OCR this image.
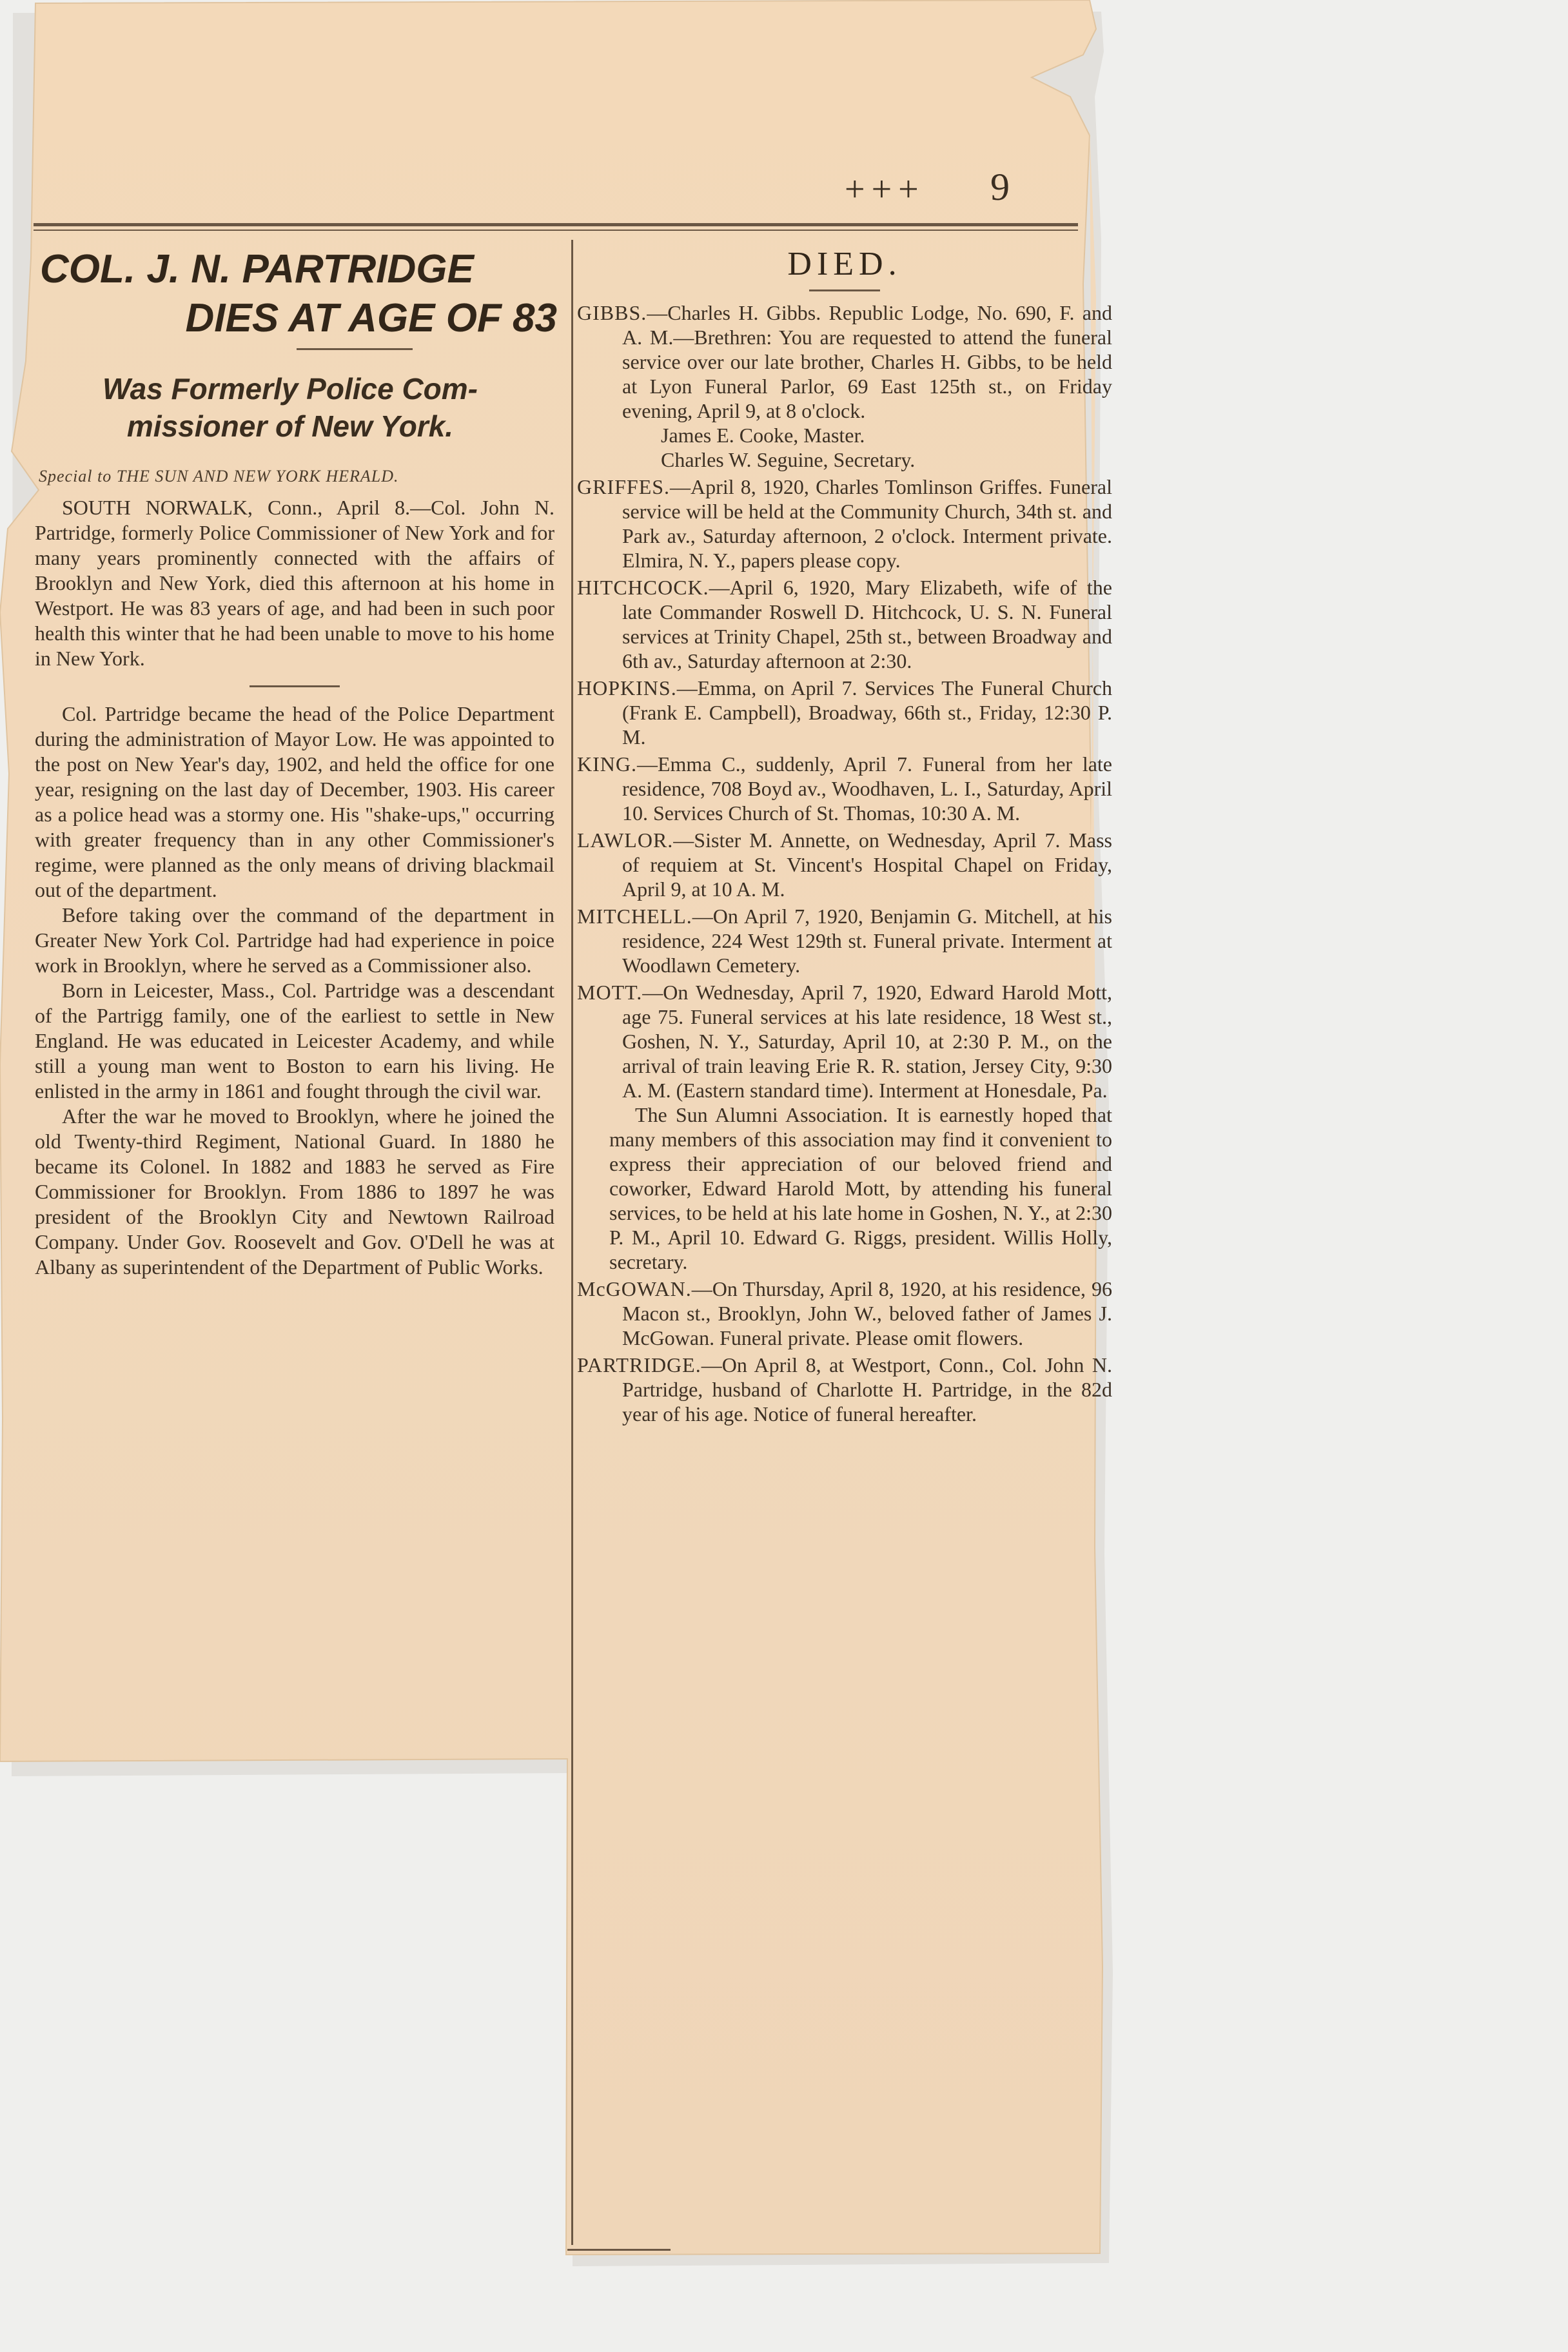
+++ 9
COL. J. N. PARTRIDGE
DIES AT AGE OF 83
Was Formerly Police Com-
missioner of New York.
Special to THE SUN AND NEW YORK HERALD.

SOUTH NORWALK, Conn., April 8.—Col. John N. Partridge, formerly Police Commissioner of New York and for many years prominently connected with the affairs of Brooklyn and New York, died this afternoon at his home in Westport. He was 83 years of age, and had been in such poor health this winter that he had been unable to move to his home in New York.

Col. Partridge became the head of the Police Department during the administration of Mayor Low. He was appointed to the post on New Year's day, 1902, and held the office for one year, resigning on the last day of December, 1903. His career as a police head was a stormy one. His "shake-ups," occurring with greater frequency than in any other Commissioner's regime, were planned as the only means of driving blackmail out of the department.

Before taking over the command of the department in Greater New York Col. Partridge had had experience in poice work in Brooklyn, where he served as a Commissioner also.

Born in Leicester, Mass., Col. Partridge was a descendant of the Partrigg family, one of the earliest to settle in New England. He was educated in Leicester Academy, and while still a young man went to Boston to earn his living. He enlisted in the army in 1861 and fought through the civil war.

After the war he moved to Brooklyn, where he joined the old Twenty-third Regiment, National Guard. In 1880 he became its Colonel. In 1882 and 1883 he served as Fire Commissioner for Brooklyn. From 1886 to 1897 he was president of the Brooklyn City and Newtown Railroad Company. Under Gov. Roosevelt and Gov. O'Dell he was at Albany as superintendent of the Department of Public Works.

DIED.
GIBBS.—Charles H. Gibbs. Republic Lodge, No. 690, F. and A. M.—Brethren: You are requested to attend the funeral service over our late brother, Charles H. Gibbs, to be held at Lyon Funeral Parlor, 69 East 125th st., on Friday evening, April 9, at 8 o'clock.
James E. Cooke, Master.
Charles W. Seguine, Secretary.
GRIFFES.—April 8, 1920, Charles Tomlinson Griffes. Funeral service will be held at the Community Church, 34th st. and Park av., Saturday afternoon, 2 o'clock. Interment private. Elmira, N. Y., papers please copy.
HITCHCOCK.—April 6, 1920, Mary Elizabeth, wife of the late Commander Roswell D. Hitchcock, U. S. N. Funeral services at Trinity Chapel, 25th st., between Broadway and 6th av., Saturday afternoon at 2:30.
HOPKINS.—Emma, on April 7. Services The Funeral Church (Frank E. Campbell), Broadway, 66th st., Friday, 12:30 P. M.
KING.—Emma C., suddenly, April 7. Funeral from her late residence, 708 Boyd av., Woodhaven, L. I., Saturday, April 10. Services Church of St. Thomas, 10:30 A. M.
LAWLOR.—Sister M. Annette, on Wednesday, April 7. Mass of requiem at St. Vincent's Hospital Chapel on Friday, April 9, at 10 A. M.
MITCHELL.—On April 7, 1920, Benjamin G. Mitchell, at his residence, 224 West 129th st. Funeral private. Interment at Woodlawn Cemetery.
MOTT.—On Wednesday, April 7, 1920, Edward Harold Mott, age 75. Funeral services at his late residence, 18 West st., Goshen, N. Y., Saturday, April 10, at 2:30 P. M., on the arrival of train leaving Erie R. R. station, Jersey City, 9:30 A. M. (Eastern standard time). Interment at Honesdale, Pa.
The Sun Alumni Association. It is earnestly hoped that many members of this association may find it convenient to express their appreciation of our beloved friend and coworker, Edward Harold Mott, by attending his funeral services, to be held at his late home in Goshen, N. Y., at 2:30 P. M., April 10. Edward G. Riggs, president. Willis Holly, secretary.
McGOWAN.—On Thursday, April 8, 1920, at his residence, 96 Macon st., Brooklyn, John W., beloved father of James J. McGowan. Funeral private. Please omit flowers.
PARTRIDGE.—On April 8, at Westport, Conn., Col. John N. Partridge, husband of Charlotte H. Partridge, in the 82d year of his age. Notice of funeral hereafter.
